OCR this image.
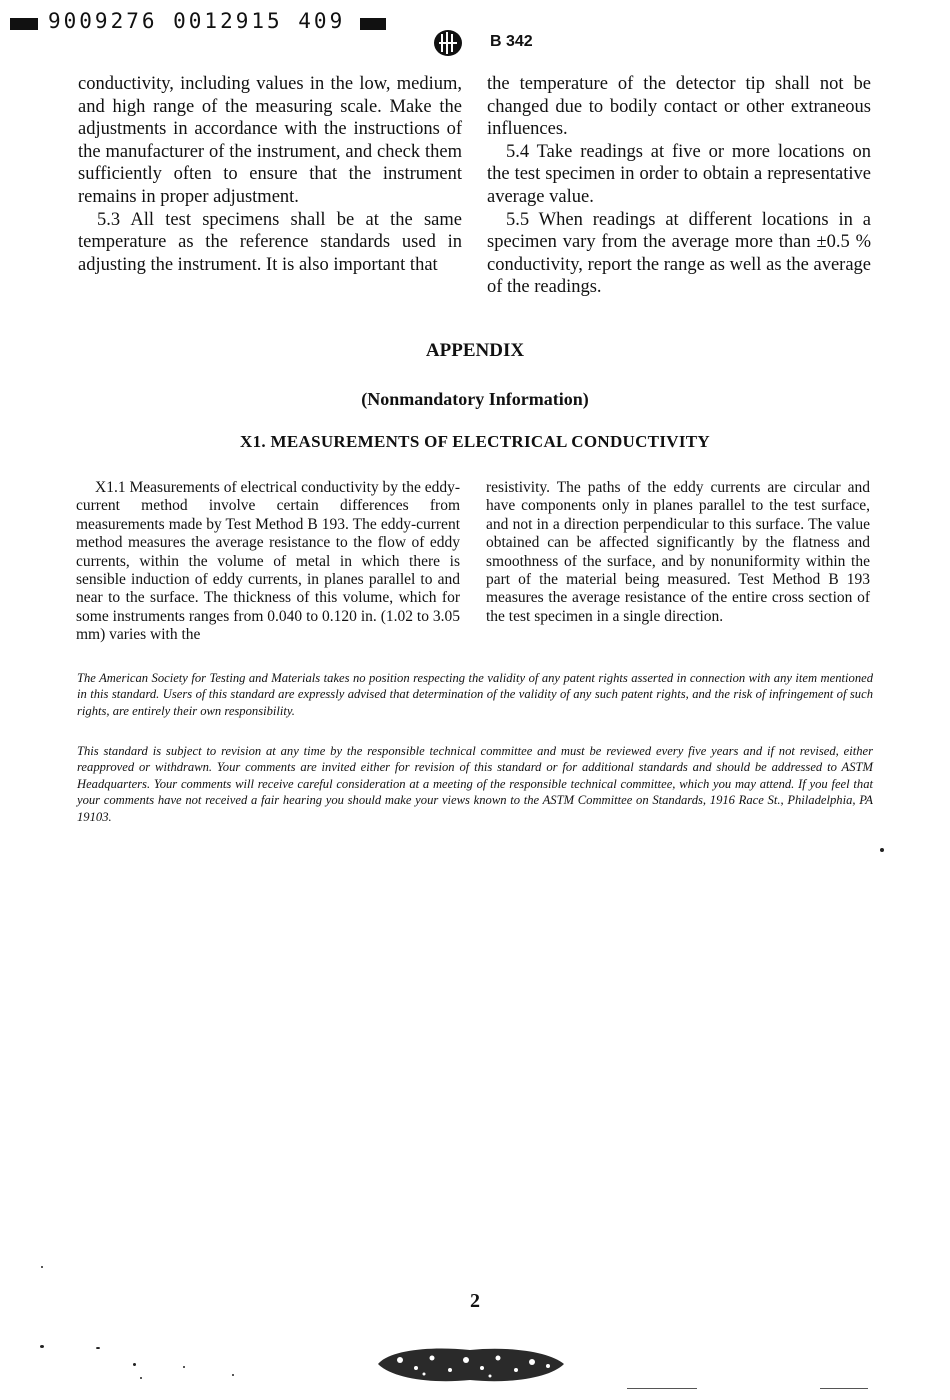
9009276 0012915 409
B 342

conductivity, including values in the low, medium, and high range of the measuring scale. Make the adjustments in accordance with the instructions of the manufacturer of the instrument, and check them sufficiently often to ensure that the instrument remains in proper adjustment.

5.3 All test specimens shall be at the same temperature as the reference standards used in adjusting the instrument. It is also important that

the temperature of the detector tip shall not be changed due to bodily contact or other extraneous influences.

5.4 Take readings at five or more locations on the test specimen in order to obtain a representative average value.

5.5 When readings at different locations in a specimen vary from the average more than ±0.5 % conductivity, report the range as well as the average of the readings.

APPENDIX
(Nonmandatory Information)
X1. MEASUREMENTS OF ELECTRICAL CONDUCTIVITY

X1.1 Measurements of electrical conductivity by the eddy-current method involve certain differences from measurements made by Test Method B 193. The eddy-current method measures the average resistance to the flow of eddy currents, within the volume of metal in which there is sensible induction of eddy currents, in planes parallel to and near to the surface. The thickness of this volume, which for some instruments ranges from 0.040 to 0.120 in. (1.02 to 3.05 mm) varies with the

resistivity. The paths of the eddy currents are circular and have components only in planes parallel to the test surface, and not in a direction perpendicular to this surface. The value obtained can be affected significantly by the flatness and smoothness of the surface, and by nonuniformity within the part of the material being measured. Test Method B 193 measures the average resistance of the entire cross section of the test specimen in a single direction.

The American Society for Testing and Materials takes no position respecting the validity of any patent rights asserted in connection with any item mentioned in this standard. Users of this standard are expressly advised that determination of the validity of any such patent rights, and the risk of infringement of such rights, are entirely their own responsibility.
This standard is subject to revision at any time by the responsible technical committee and must be reviewed every five years and if not revised, either reapproved or withdrawn. Your comments are invited either for revision of this standard or for additional standards and should be addressed to ASTM Headquarters. Your comments will receive careful consideration at a meeting of the responsible technical committee, which you may attend. If you feel that your comments have not received a fair hearing you should make your views known to the ASTM Committee on Standards, 1916 Race St., Philadelphia, PA 19103.
2
